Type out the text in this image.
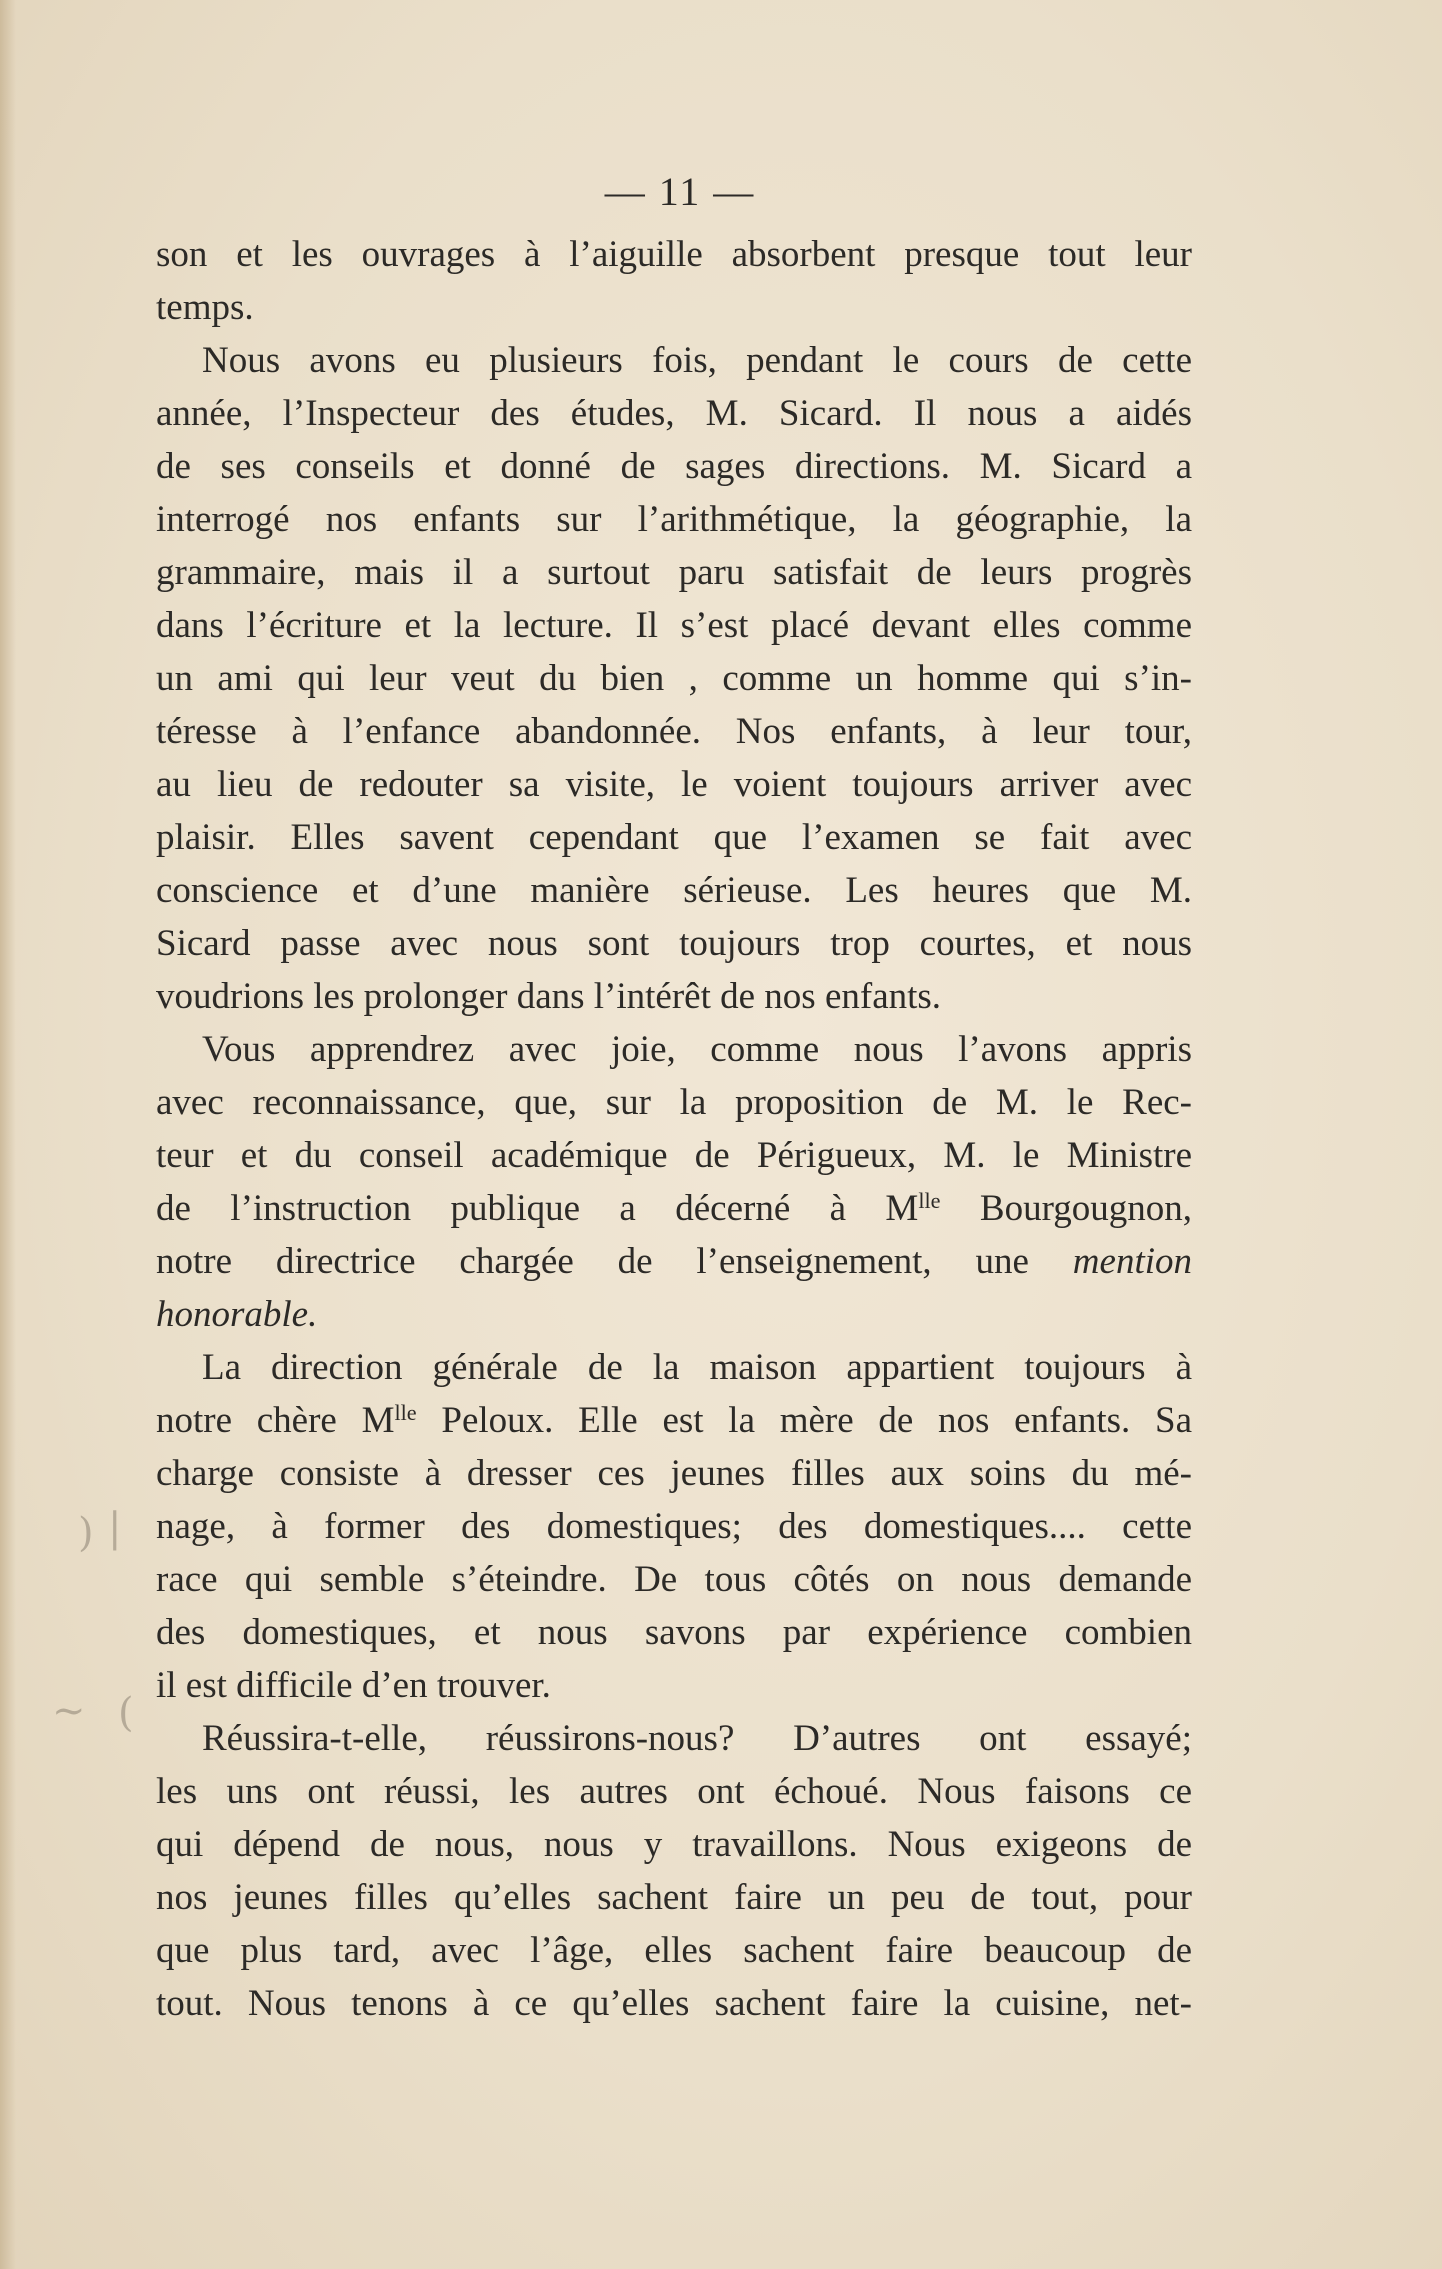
— 11 —
son et les ouvrages à l’aiguille absorbent presque tout leur
temps.
Nous avons eu plusieurs fois, pendant le cours de cette
année, l’Inspecteur des études, M. Sicard. Il nous a aidés
de ses conseils et donné de sages directions. M. Sicard a
interrogé nos enfants sur l’arithmétique, la géographie, la
grammaire, mais il a surtout paru satisfait de leurs progrès
dans l’écriture et la lecture. Il s’est placé devant elles comme
un ami qui leur veut du bien , comme un homme qui s’in-
téresse à l’enfance abandonnée. Nos enfants, à leur tour,
au lieu de redouter sa visite, le voient toujours arriver avec
plaisir. Elles savent cependant que l’examen se fait avec
conscience et d’une manière sérieuse. Les heures que M.
Sicard passe avec nous sont toujours trop courtes, et nous
voudrions les prolonger dans l’intérêt de nos enfants.
Vous apprendrez avec joie, comme nous l’avons appris
avec reconnaissance, que, sur la proposition de M. le Rec-
teur et du conseil académique de Périgueux, M. le Ministre
de l’instruction publique a décerné à $M^{lle}$ Bourgougnon,
notre directrice chargée de l’enseignement, une mention
honorable.
La direction générale de la maison appartient toujours à
notre chère $M^{lle}$ Peloux. Elle est la mère de nos enfants. Sa
charge consiste à dresser ces jeunes filles aux soins du mé-
nage, à former des domestiques; des domestiques.... cette
race qui semble s’éteindre. De tous côtés on nous demande
des domestiques, et nous savons par expérience combien
il est difficile d’en trouver.
Réussira-t-elle, réussirons-nous? D’autres ont essayé;
les uns ont réussi, les autres ont échoué. Nous faisons ce
qui dépend de nous, nous y travaillons. Nous exigeons de
nos jeunes filles qu’elles sachent faire un peu de tout, pour
que plus tard, avec l’âge, elles sachent faire beaucoup de
tout. Nous tenons à ce qu’elles sachent faire la cuisine, net-
) |
~ (
